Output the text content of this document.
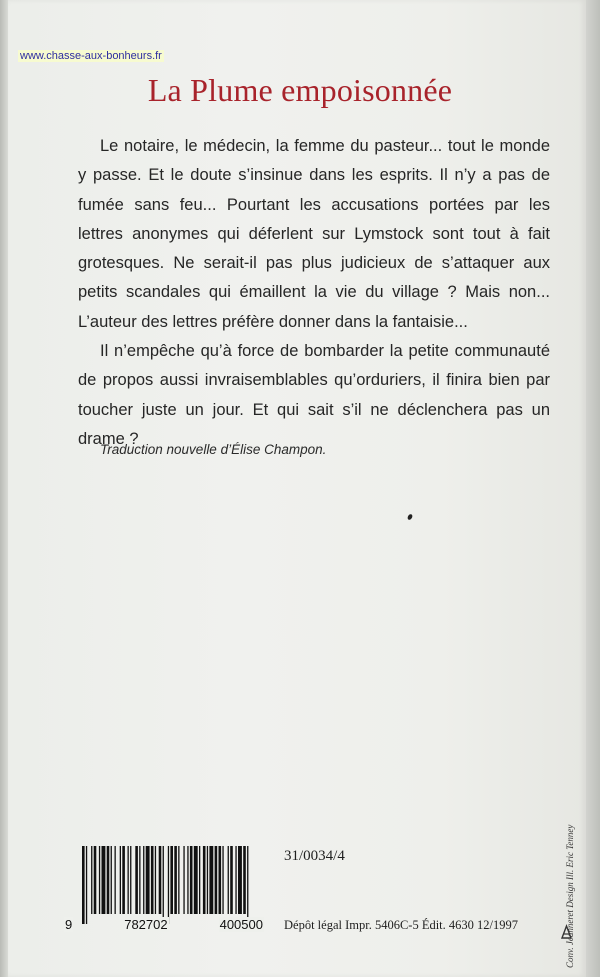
www.chasse-aux-bonheurs.fr
La Plume empoisonnée

Le notaire, le médecin, la femme du pasteur... tout le monde y passe. Et le doute s’insinue dans les esprits. Il n’y a pas de fumée sans feu... Pourtant les accusations portées par les lettres anonymes qui déferlent sur Lymstock sont tout à fait grotesques. Ne serait-il pas plus judicieux de s’attaquer aux petits scandales qui émaillent la vie du village ? Mais non... L’auteur des lettres préfère donner dans la fantaisie...

Il n’empêche qu’à force de bombarder la petite communauté de propos aussi invraisemblables qu’orduriers, il finira bien par toucher juste un jour. Et qui sait s’il ne déclenchera pas un drame ?

Traduction nouvelle d’Élise Champon.
9	782702	400500
31/0034/4
Dépôt légal Impr. 5406C-5 Édit. 4630 12/1997	Conv. Jeanneret Design Ill. Eric Tenney
